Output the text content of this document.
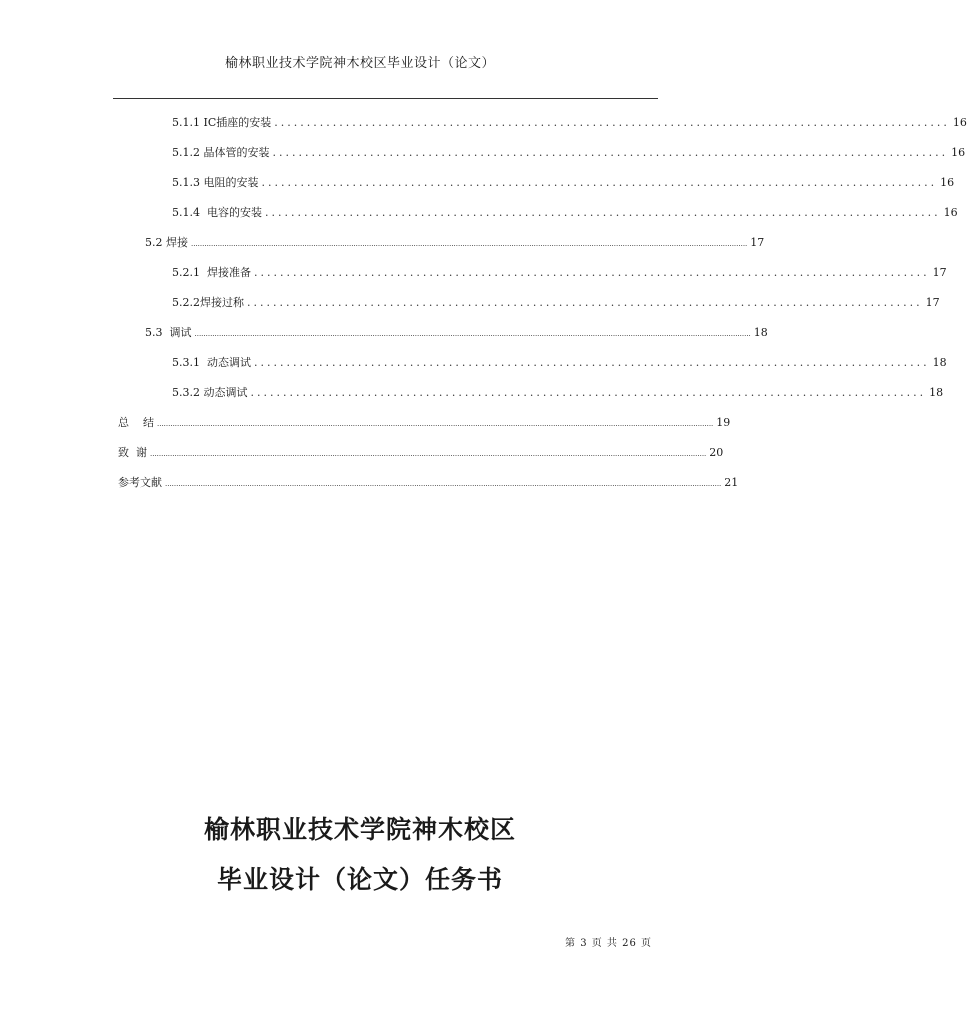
榆林职业技术学院神木校区毕业设计（论文）
5.1.1 IC插座的安装 ........................................................................................................ 16
5.1.2 晶体管的安装 ........................................................................................................ 16
5.1.3 电阻的安装 ........................................................................................................ 16
5.1.4  电容的安装 ........................................................................................................ 16
5.2 焊接 .......................................................................................................................................................................................................................................................... 17
5.2.1  焊接准备 ........................................................................................................ 17
5.2.2焊接过称 ........................................................................................................ 17
5.3  调试 .......................................................................................................................................................................................................................................................... 18
5.3.1  动态调试 ........................................................................................................ 18
5.3.2 动态调试 ........................................................................................................ 18
总    结 .......................................................................................................................................................................................................................................................... 19
致  谢 .......................................................................................................................................................................................................................................................... 20
参考文献 .......................................................................................................................................................................................................................................................... 21
榆林职业技术学院神木校区
毕业设计（论文）任务书
第 3 页 共 26 页
